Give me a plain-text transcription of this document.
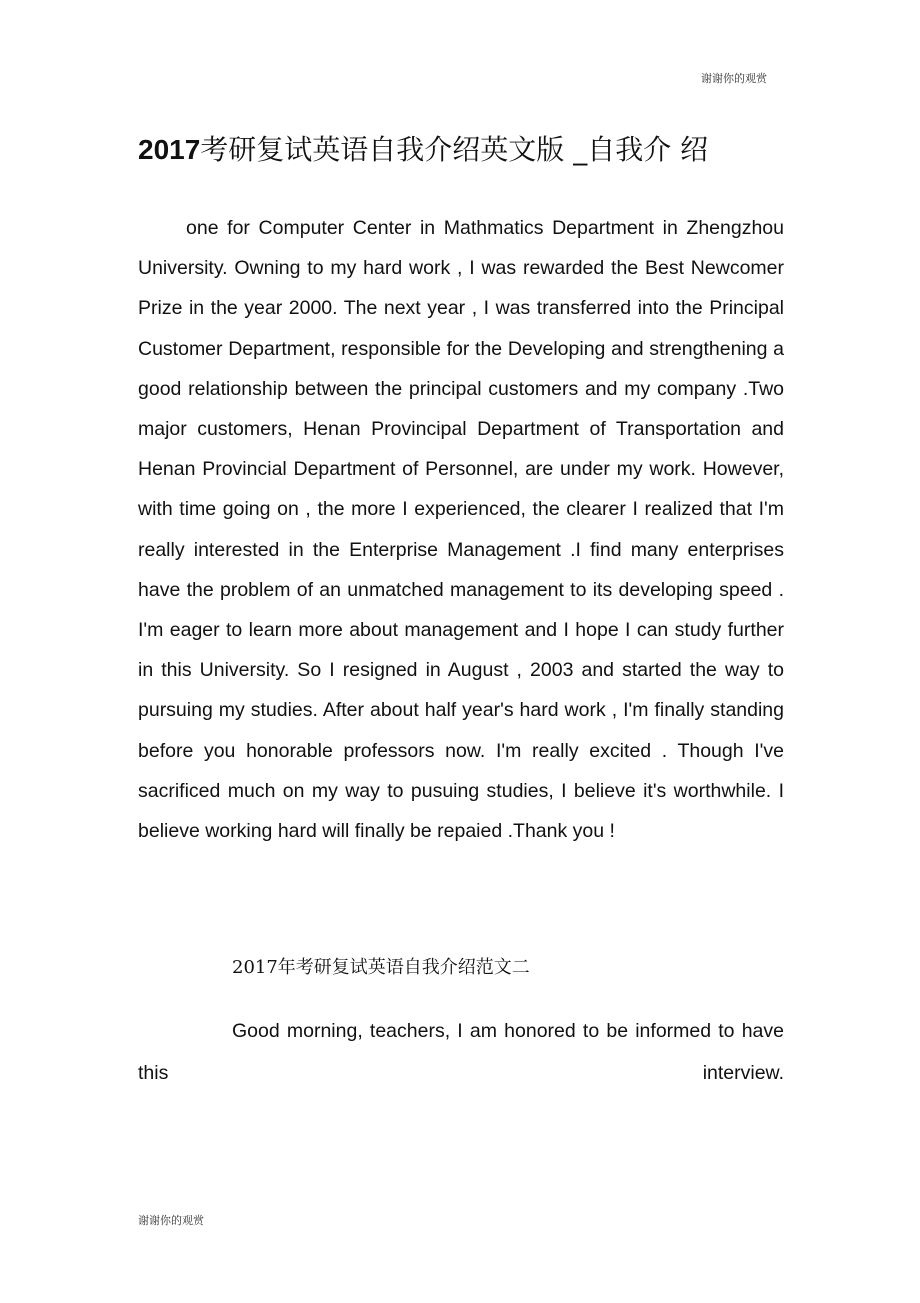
谢谢你的观赏
2017考研复试英语自我介绍英文版 _自我介 绍

one for Computer Center in Mathmatics Department in Zhengzhou University. Owning to my hard work , I was rewarded the Best Newcomer Prize in the year 2000. The next year , I was transferred into the Principal Customer Department, responsible for the Developing and strengthening a good relationship between the principal customers and my company .Two major customers, Henan Provincipal Department of Transportation and Henan Provincial Department of Personnel, are under my work. However, with time going on , the more I experienced, the clearer I realized that I'm really interested in the Enterprise Management .I find many enterprises have the problem of an unmatched management to its developing speed . I'm eager to learn more about management and I hope I can study further in this University. So I resigned in August , 2003 and started the way to pursuing my studies. After about half year's hard work , I'm finally standing before you honorable professors now. I'm really excited . Though I've sacrificed much on my way to pusuing studies, I believe it's worthwhile. I believe working hard will finally be repaied .Thank you !

2017年考研复试英语自我介绍范文二

Good morning, teachers, I am honored to be informed to have this interview.

谢谢你的观赏
